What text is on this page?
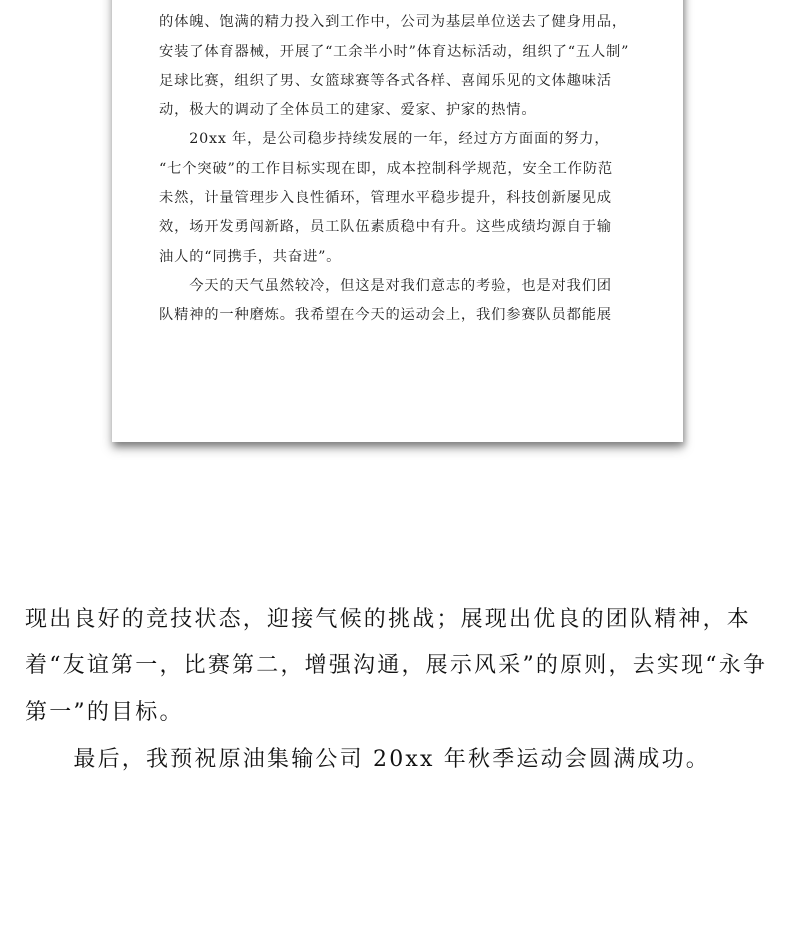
的体魄、饱满的精力投入到工作中，公司为基层单位送去了健身用品，
安装了体育器械，开展了“工余半小时”体育达标活动，组织了“五人制”
足球比赛，组织了男、女篮球赛等各式各样、喜闻乐见的文体趣味活
动，极大的调动了全体员工的建家、爱家、护家的热情。
　　20xx 年，是公司稳步持续发展的一年，经过方方面面的努力，
“七个突破”的工作目标实现在即，成本控制科学规范，安全工作防范
未然，计量管理步入良性循环，管理水平稳步提升，科技创新屡见成
效，场开发勇闯新路，员工队伍素质稳中有升。这些成绩均源自于输
油人的“同携手，共奋进”。
　　今天的天气虽然较冷，但这是对我们意志的考验，也是对我们团
队精神的一种磨炼。我希望在今天的运动会上，我们参赛队员都能展
现出良好的竞技状态，迎接气候的挑战；展现出优良的团队精神，本
着“友谊第一，比赛第二，增强沟通，展示风采”的原则，去实现“永争
第一”的目标。
　　最后，我预祝原油集输公司 20xx 年秋季运动会圆满成功。
